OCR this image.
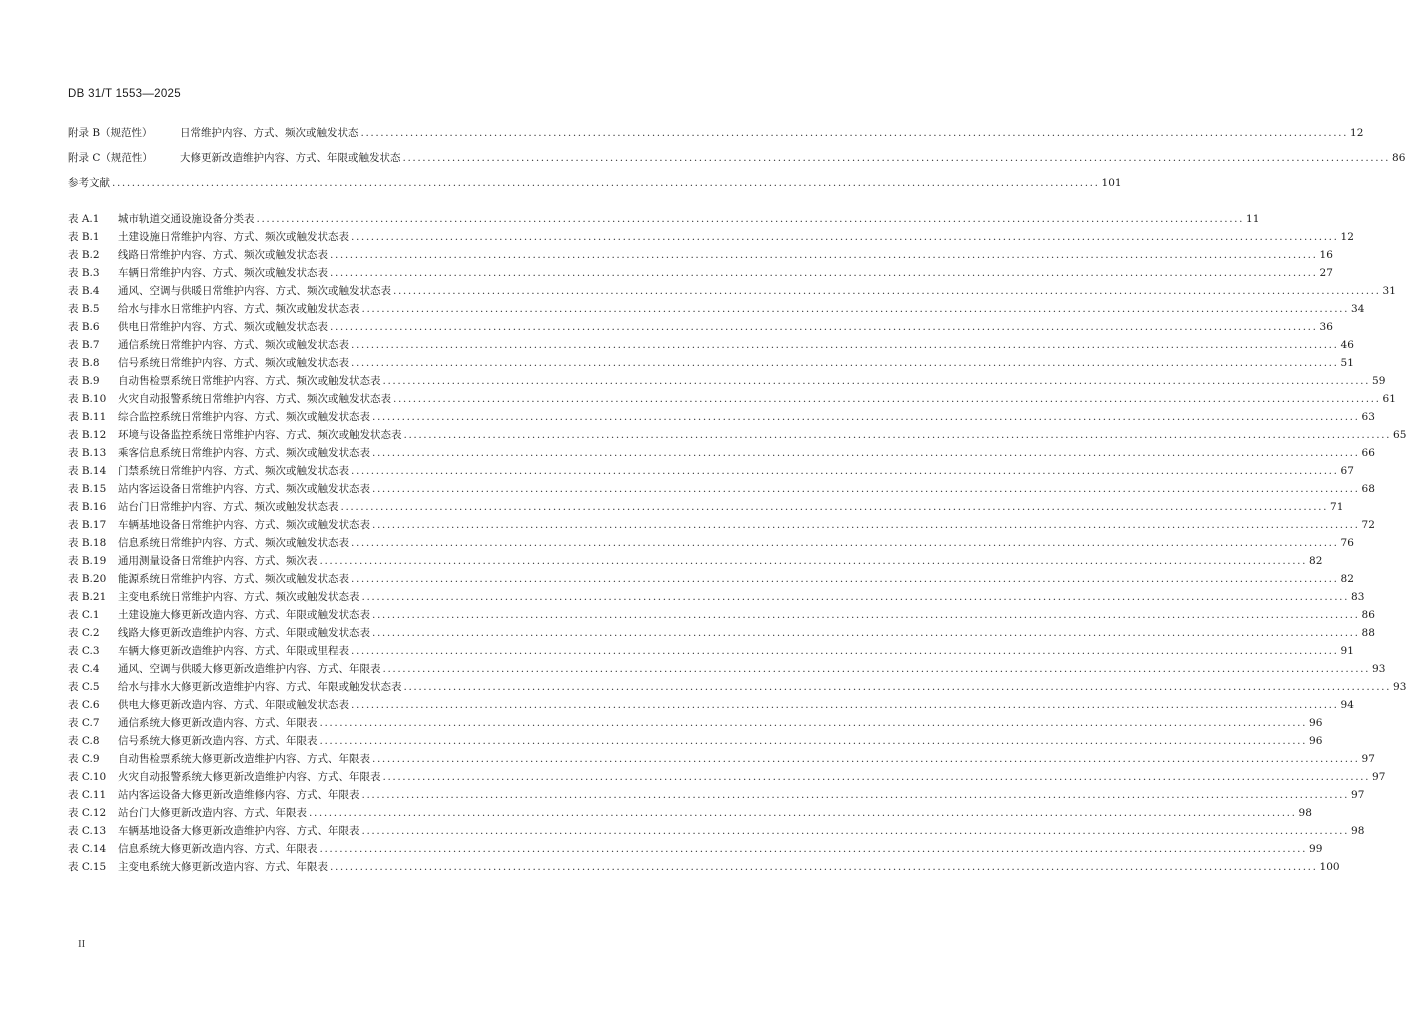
DB 31/T 1553—2025
附录 B（规范性）	日常维护内容、方式、频次或触发状态 ........................................................................................................................................................................................................ 12
附录 C（规范性）	大修更新改造维护内容、方式、年限或触发状态 ........................................................................................................................................................................................................ 86
参考文献 ........................................................................................................................................................................................................ 101
表 A.1	城市轨道交通设施设备分类表 ........................................................................................................................................................................................................ 11
表 B.1	土建设施日常维护内容、方式、频次或触发状态表 ........................................................................................................................................................................................................ 12
表 B.2	线路日常维护内容、方式、频次或触发状态表 ........................................................................................................................................................................................................ 16
表 B.3	车辆日常维护内容、方式、频次或触发状态表 ........................................................................................................................................................................................................ 27
表 B.4	通风、空调与供暖日常维护内容、方式、频次或触发状态表 ........................................................................................................................................................................................................ 31
表 B.5	给水与排水日常维护内容、方式、频次或触发状态表 ........................................................................................................................................................................................................ 34
表 B.6	供电日常维护内容、方式、频次或触发状态表 ........................................................................................................................................................................................................ 36
表 B.7	通信系统日常维护内容、方式、频次或触发状态表 ........................................................................................................................................................................................................ 46
表 B.8	信号系统日常维护内容、方式、频次或触发状态表 ........................................................................................................................................................................................................ 51
表 B.9	自动售检票系统日常维护内容、方式、频次或触发状态表 ........................................................................................................................................................................................................ 59
表 B.10	火灾自动报警系统日常维护内容、方式、频次或触发状态表 ........................................................................................................................................................................................................ 61
表 B.11	综合监控系统日常维护内容、方式、频次或触发状态表 ........................................................................................................................................................................................................ 63
表 B.12	环境与设备监控系统日常维护内容、方式、频次或触发状态表 ........................................................................................................................................................................................................ 65
表 B.13	乘客信息系统日常维护内容、方式、频次或触发状态表 ........................................................................................................................................................................................................ 66
表 B.14	门禁系统日常维护内容、方式、频次或触发状态表 ........................................................................................................................................................................................................ 67
表 B.15	站内客运设备日常维护内容、方式、频次或触发状态表 ........................................................................................................................................................................................................ 68
表 B.16	站台门日常维护内容、方式、频次或触发状态表 ........................................................................................................................................................................................................ 71
表 B.17	车辆基地设备日常维护内容、方式、频次或触发状态表 ........................................................................................................................................................................................................ 72
表 B.18	信息系统日常维护内容、方式、频次或触发状态表 ........................................................................................................................................................................................................ 76
表 B.19	通用测量设备日常维护内容、方式、频次表 ........................................................................................................................................................................................................ 82
表 B.20	能源系统日常维护内容、方式、频次或触发状态表 ........................................................................................................................................................................................................ 82
表 B.21	主变电系统日常维护内容、方式、频次或触发状态表 ........................................................................................................................................................................................................ 83
表 C.1	土建设施大修更新改造内容、方式、年限或触发状态表 ........................................................................................................................................................................................................ 86
表 C.2	线路大修更新改造维护内容、方式、年限或触发状态表 ........................................................................................................................................................................................................ 88
表 C.3	车辆大修更新改造维护内容、方式、年限或里程表 ........................................................................................................................................................................................................ 91
表 C.4	通风、空调与供暖大修更新改造维护内容、方式、年限表 ........................................................................................................................................................................................................ 93
表 C.5	给水与排水大修更新改造维护内容、方式、年限或触发状态表 ........................................................................................................................................................................................................ 93
表 C.6	供电大修更新改造内容、方式、年限或触发状态表 ........................................................................................................................................................................................................ 94
表 C.7	通信系统大修更新改造内容、方式、年限表 ........................................................................................................................................................................................................ 96
表 C.8	信号系统大修更新改造内容、方式、年限表 ........................................................................................................................................................................................................ 96
表 C.9	自动售检票系统大修更新改造维护内容、方式、年限表 ........................................................................................................................................................................................................ 97
表 C.10	火灾自动报警系统大修更新改造维护内容、方式、年限表 ........................................................................................................................................................................................................ 97
表 C.11	站内客运设备大修更新改造维修内容、方式、年限表 ........................................................................................................................................................................................................ 97
表 C.12	站台门大修更新改造内容、方式、年限表 ........................................................................................................................................................................................................ 98
表 C.13	车辆基地设备大修更新改造维护内容、方式、年限表 ........................................................................................................................................................................................................ 98
表 C.14	信息系统大修更新改造内容、方式、年限表 ........................................................................................................................................................................................................ 99
表 C.15	主变电系统大修更新改造内容、方式、年限表 ........................................................................................................................................................................................................ 100
II
